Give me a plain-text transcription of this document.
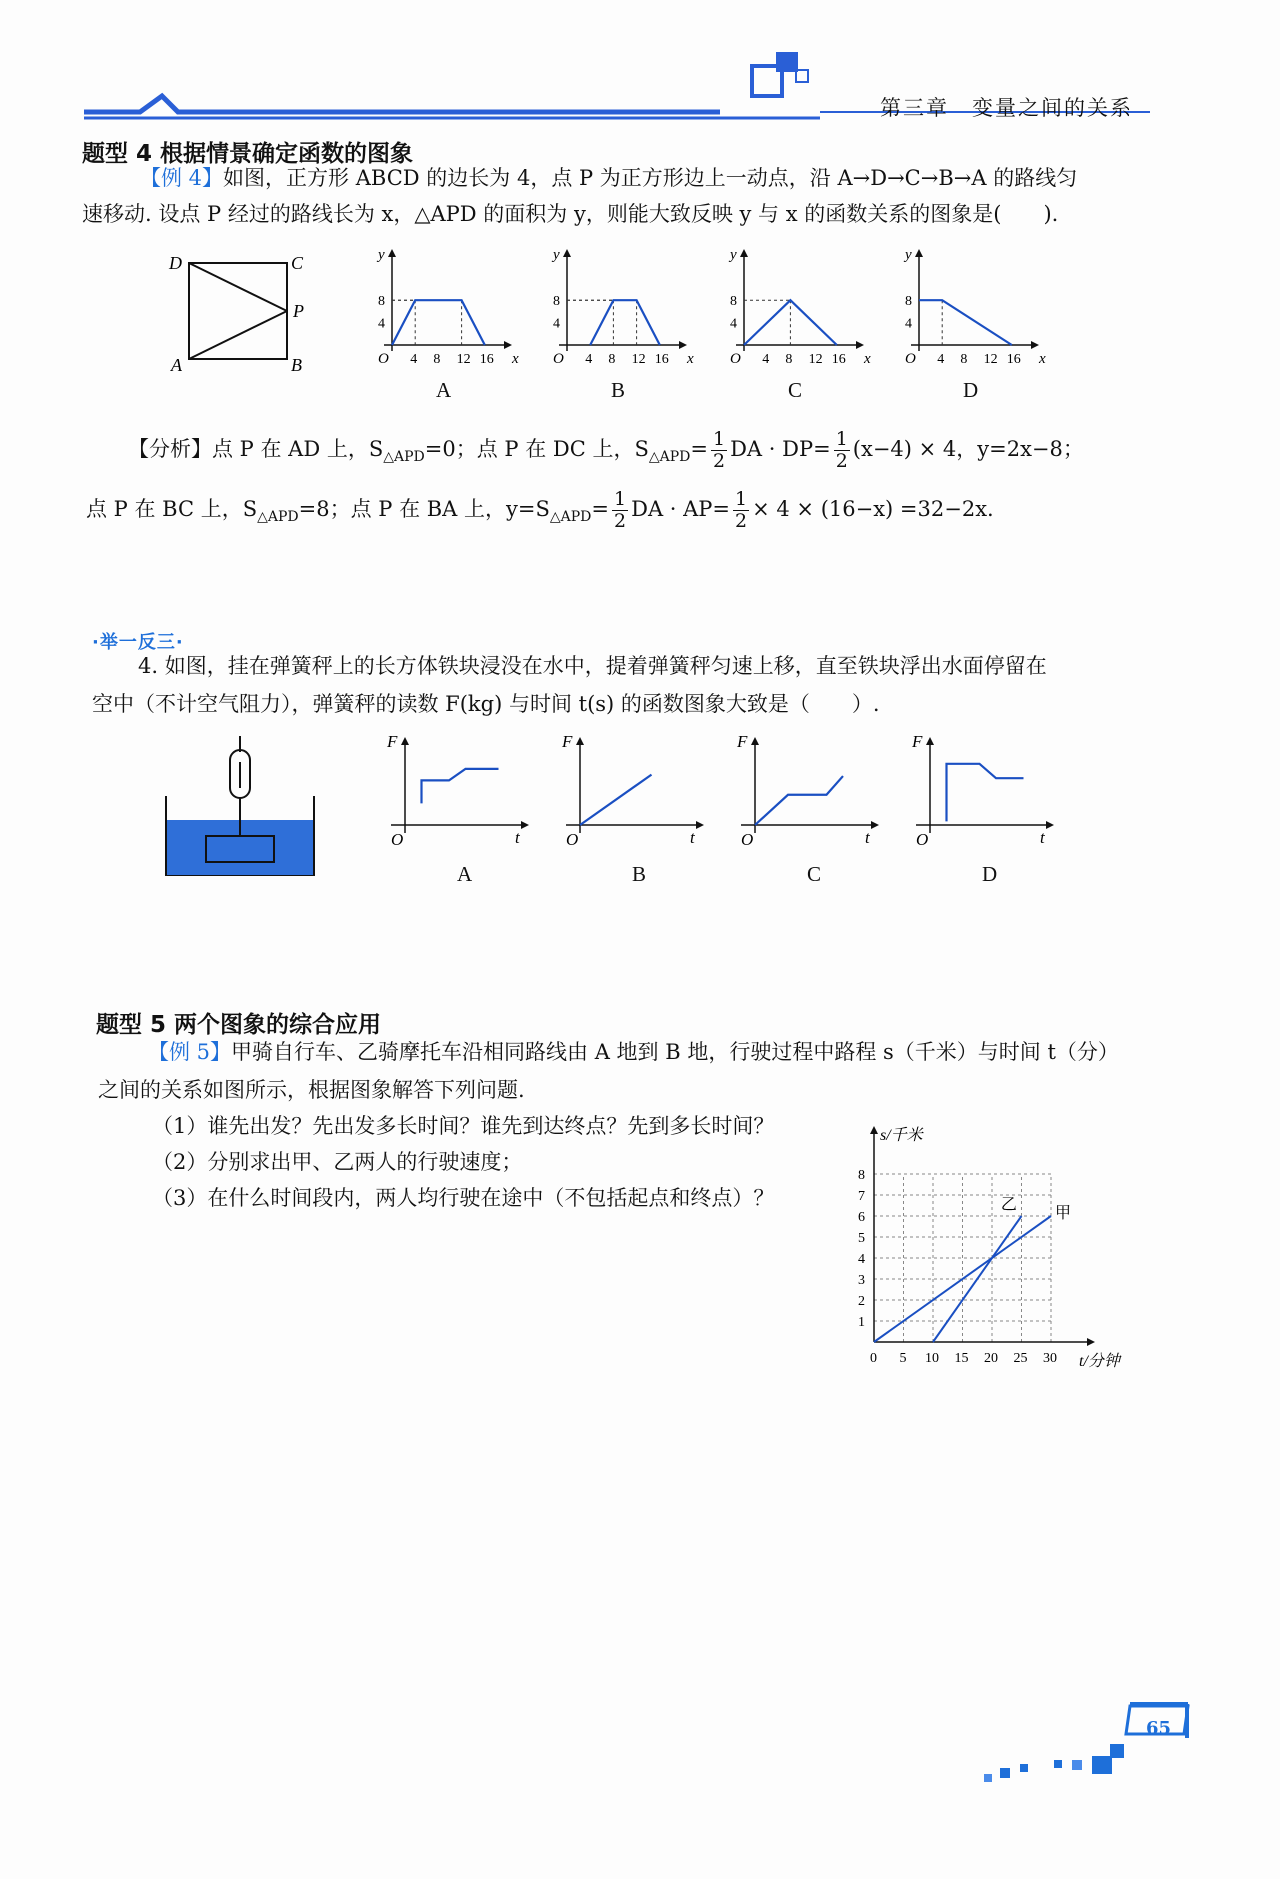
第三章　变量之间的关系
题型 4 根据情景确定函数的图象
【例 4】如图，正方形 ABCD 的边长为 4，点 P 为正方形边上一动点，沿 A→D→C→B→A 的路线匀
速移动. 设点 P 经过的路线长为 x，△APD 的面积为 y，则能大致反映 y 与 x 的函数关系的图象是(　　).
D	C
P
A	B
y
x
O 4 8 12 16
8
4
A
y
x
O 4 8 12 16
8
4
B
y
x
O 4 8 12 16
8
4
C
y
x
O 4 8 12 16
8
4
D
【分析】点 P 在 AD 上，$S_{\triangle APD}=0$；点 P 在 DC 上，$S_{\triangle APD}= \frac{1}{2}$ DA · $DP= \frac{1}{2} (x-4) \times 4$，y=2x−8；
点 P 在 BC 上，$S_{\triangle APD}=8$；点 P 在 BA 上，$y=S_{\triangle APD}= \frac{1}{2}$ DA · $AP= \frac{1}{2} \times 4 \times (16-x) =32-2x$.
·举一反三·
4. 如图，挂在弹簧秤上的长方体铁块浸没在水中，提着弹簧秤匀速上移，直至铁块浮出水面停留在
空中（不计空气阻力），弹簧秤的读数 F(kg) 与时间 t(s) 的函数图象大致是（　　）.
F
t
O
A
F
t
O
B
F
t
O
C
F
t
O
D
题型 5 两个图象的综合应用
【例 5】甲骑自行车、乙骑摩托车沿相同路线由 A 地到 B 地，行驶过程中路程 s（千米）与时间 t（分）
之间的关系如图所示，根据图象解答下列问题.
（1）谁先出发？先出发多长时间？谁先到达终点？先到多长时间？
（2）分别求出甲、乙两人的行驶速度；
（3）在什么时间段内，两人均行驶在途中（不包括起点和终点）？
s/千米
t/分钟
0 5 10 15 20 25 30
1
2
3
4
5
6
7
8
甲
乙
65
